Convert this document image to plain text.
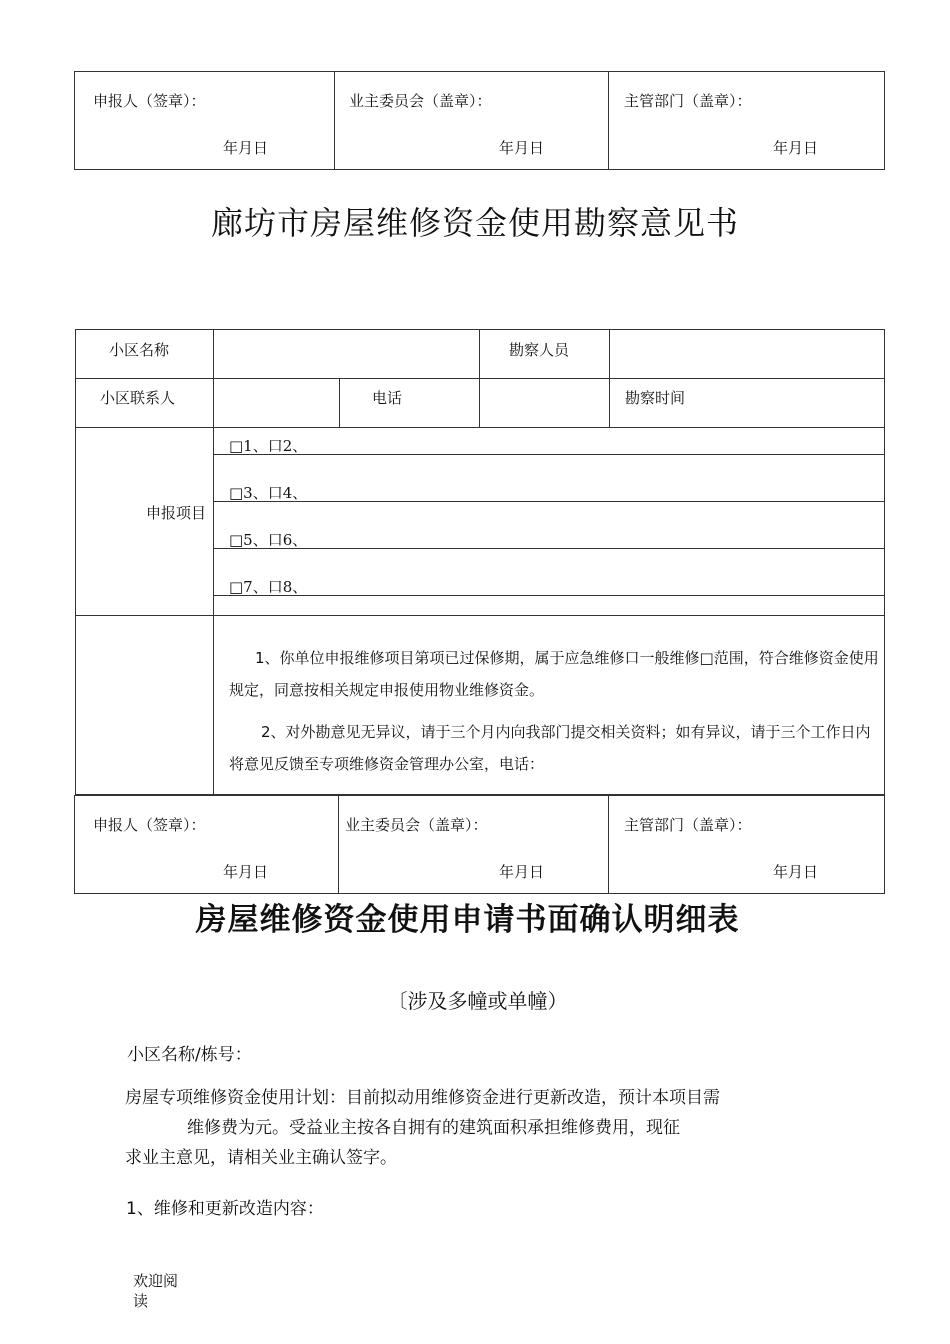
申报人（签章）：
年月日

业主委员会（盖章）：
年月日

主管部门（盖章）：
年月日
廊坊市房屋维修资金使用勘察意见书
小区名称			勘察人员	

小区联系人		电话		勘察时间

申报项目	□1、口2、
□3、口4、
□5、口6、
□7、口8、			

	1、你单位申报维修项目第项已过保修期，属于应急维修口一般维修□范围，符合维修资金使用规定，同意按相关规定申报使用物业维修资金。
2、对外勘意见无异议，请于三个月内向我部门提交相关资料；如有异议，请于三个工作日内将意见反馈至专项维修资金管理办公室，电话：			
申报人（签章）：
年月日

业主委员会（盖章）：
年月日

主管部门（盖章）：
年月日
房屋维修资金使用申请书面确认明细表
〔涉及多幢或单幢）
小区名称/栋号：
房屋专项维修资金使用计划：目前拟动用维修资金进行更新改造，预计本项目需
维修费为元。受益业主按各自拥有的建筑面积承担维修费用，现征
求业主意见，请相关业主确认签字。
1、维修和更新改造内容：
欢迎阅
读
